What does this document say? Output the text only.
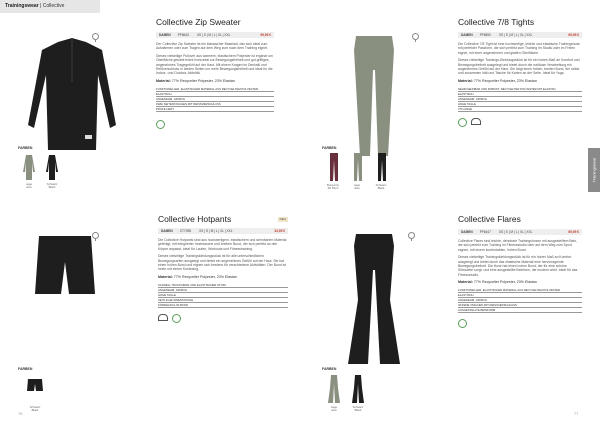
Trainingswear | Collective
Trainingswear
FARBEN
sage
olive
Schwarz
Black
Collective Zip Sweater
DAMEN	PF6640	XS | S | M | L | XL | XXL	99,95 €

Der Collective Zip Sweater ist ein klassischer Baselaid, das sich ideal zum Aufwärmen oder zum Tragen auf dem Weg zum nach dem Training eignet.

Dieses vielseitige Pullover aus warmem, elastischem Polyester ist ergänzt um Oberfläche gewebt leicht horizontal zur Bewegungsfreiheit und gut griffiges, angenehmes Tragegefühl auf der Haut. Mit einem Kragen im Denkstil und Reißverschluss in beiden Seiten um mehr Bewegungsfreiheit und ideal für die Indoor- und Outdoor-Aktivität.

Material: 77% Recycelter Polyester, 23% Elastan
FUNKTIONELLER, ELASTISCHER MATERIAL AUS RECYCELTEM POLYESTER
ELASTISCH
ANGENEHM, GRIFFIG
ZWEI SEITENTASCHEN MIT REISSVERSCHLUSS
PROFILLIERT
FARBEN
Burgundy
2D Plum
sage
olive
Schwarz
Black
Collective 7/8 Tights
DAMEN	PF6890	XS | S | M | L | XL | XXL	69,95 €

Die Collective 7/8 Tight ist eine hochwertige, leichte und elastische Trainingshose mit perfekter Passform, die sich perfekt zum Training im Studio oder im Freien eignet, mit einer angenehmen und glatten Oberfläche.

Dieses vielseitige Trainings-Kleidungsstück ist für ein hohes Maß an Komfort und Bewegungsfreiheit ausgelegt und bietet durch die nahtlose Verarbeitung ein angenehmes Gefühl auf der Haut. Sie trägt einen hohen, breiten Bund, der stützt und zusammen hält und Tasche für Karten an der Seite. Ideal für Yoga.

Material: 77% Recycelter Polyester, 23% Elastan
SEHR DEHNBAR UND ROBUST, RECYCELTER POLYESTER MIT ELASTAN
ELASTISCH
ANGENEHM, GRIFFIG
HOHE TAILLE
7/8 LÄNGE
FARBEN
Schwarz
Black
Collective Hotpants	NEU
DAMEN	CT7098	XS | S | M | L | XL | XXL	34,95 €

Die Collective Hotpants sind aus hochwertigem, elastischem und dehnbarem Material gefertigt, mit integrierter Innentasche und breitem Bund, der sich perfekt an den Körper anpasst, ideal für Laufen, Workouts und Fitnesstraining.

Dieses vielseitige Trainingskleidungsstück ist für alle unterschiedlichen Bewegungsarten ausgelegt und bietet ein angenehmes Gefühl auf der Haut. Sie hat einen hohen Bund und eignen sich bestens für verschiedene Aktivitäten. Der Bund ist innen mit einem Kordelzug.

Material: 77% Recycelter Polyester, 23% Elastan
SCHNELL TROCKNEND UND ELASTISCHER STOFF
ANGENEHM, GRIFFIG
HOHE TAILLE
SEITLICHE INNENTASCHE
KORDELZUG IM BUND
FARBEN
sage
olive
Schwarz
Black
Collective Flares
DAMEN	PF6447	XS | S | M | L | XL | XXL	69,95 €

Collective Flares sind leichte, dehnbare Trainingshosen mit ausgestelltem Bein, die sich perfekt zum Training im Fitnessstudio oder auf dem Weg zum Sport eignen, mit einem komfortablen, hohen Bund.

Dieses vielseitige Trainingskleidungsstück ist für ein hohes Maß an Komfort ausgelegt und bietet durch das elastische Material eine hervorragende Bewegungsfreiheit. Die Hose hat einen hohen Bund, der für eine schöne Silhouette sorgt, und eine ausgestellte Beinform, die modern wirkt. Ideal für das Fitnessstudio.

Material: 77% Recycelter Polyester, 23% Elastan
FUNKTIONELLER, ELASTISCHER MATERIAL AUS RECYCELTEM POLYESTER
ELASTISCH
ANGENEHM, GRIFFIG
OFFENE TASCHEN MIT REISSVERSCHLUSS
AUSGESTELLTE BEINFORM
76	77
